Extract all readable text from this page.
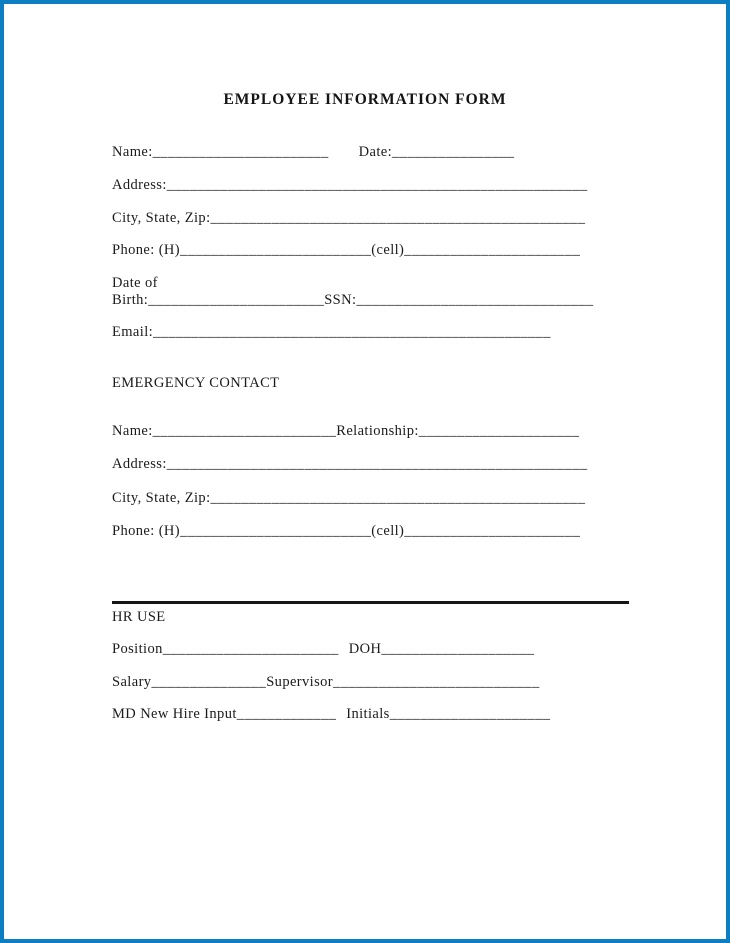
EMPLOYEE INFORMATION FORM
Name:_______________________ Date:________________
Address:_______________________________________________________
City, State, Zip:_________________________________________________
Phone: (H)_________________________(cell)_______________________
Date of
Birth:_______________________SSN:_______________________________
Email:____________________________________________________
EMERGENCY CONTACT
Name:________________________Relationship:_____________________
Address:_______________________________________________________
City, State, Zip:_________________________________________________
Phone: (H)_________________________(cell)_______________________
HR USE
Position_______________________ DOH____________________
Salary_______________Supervisor___________________________
MD New Hire Input_____________ Initials_____________________
